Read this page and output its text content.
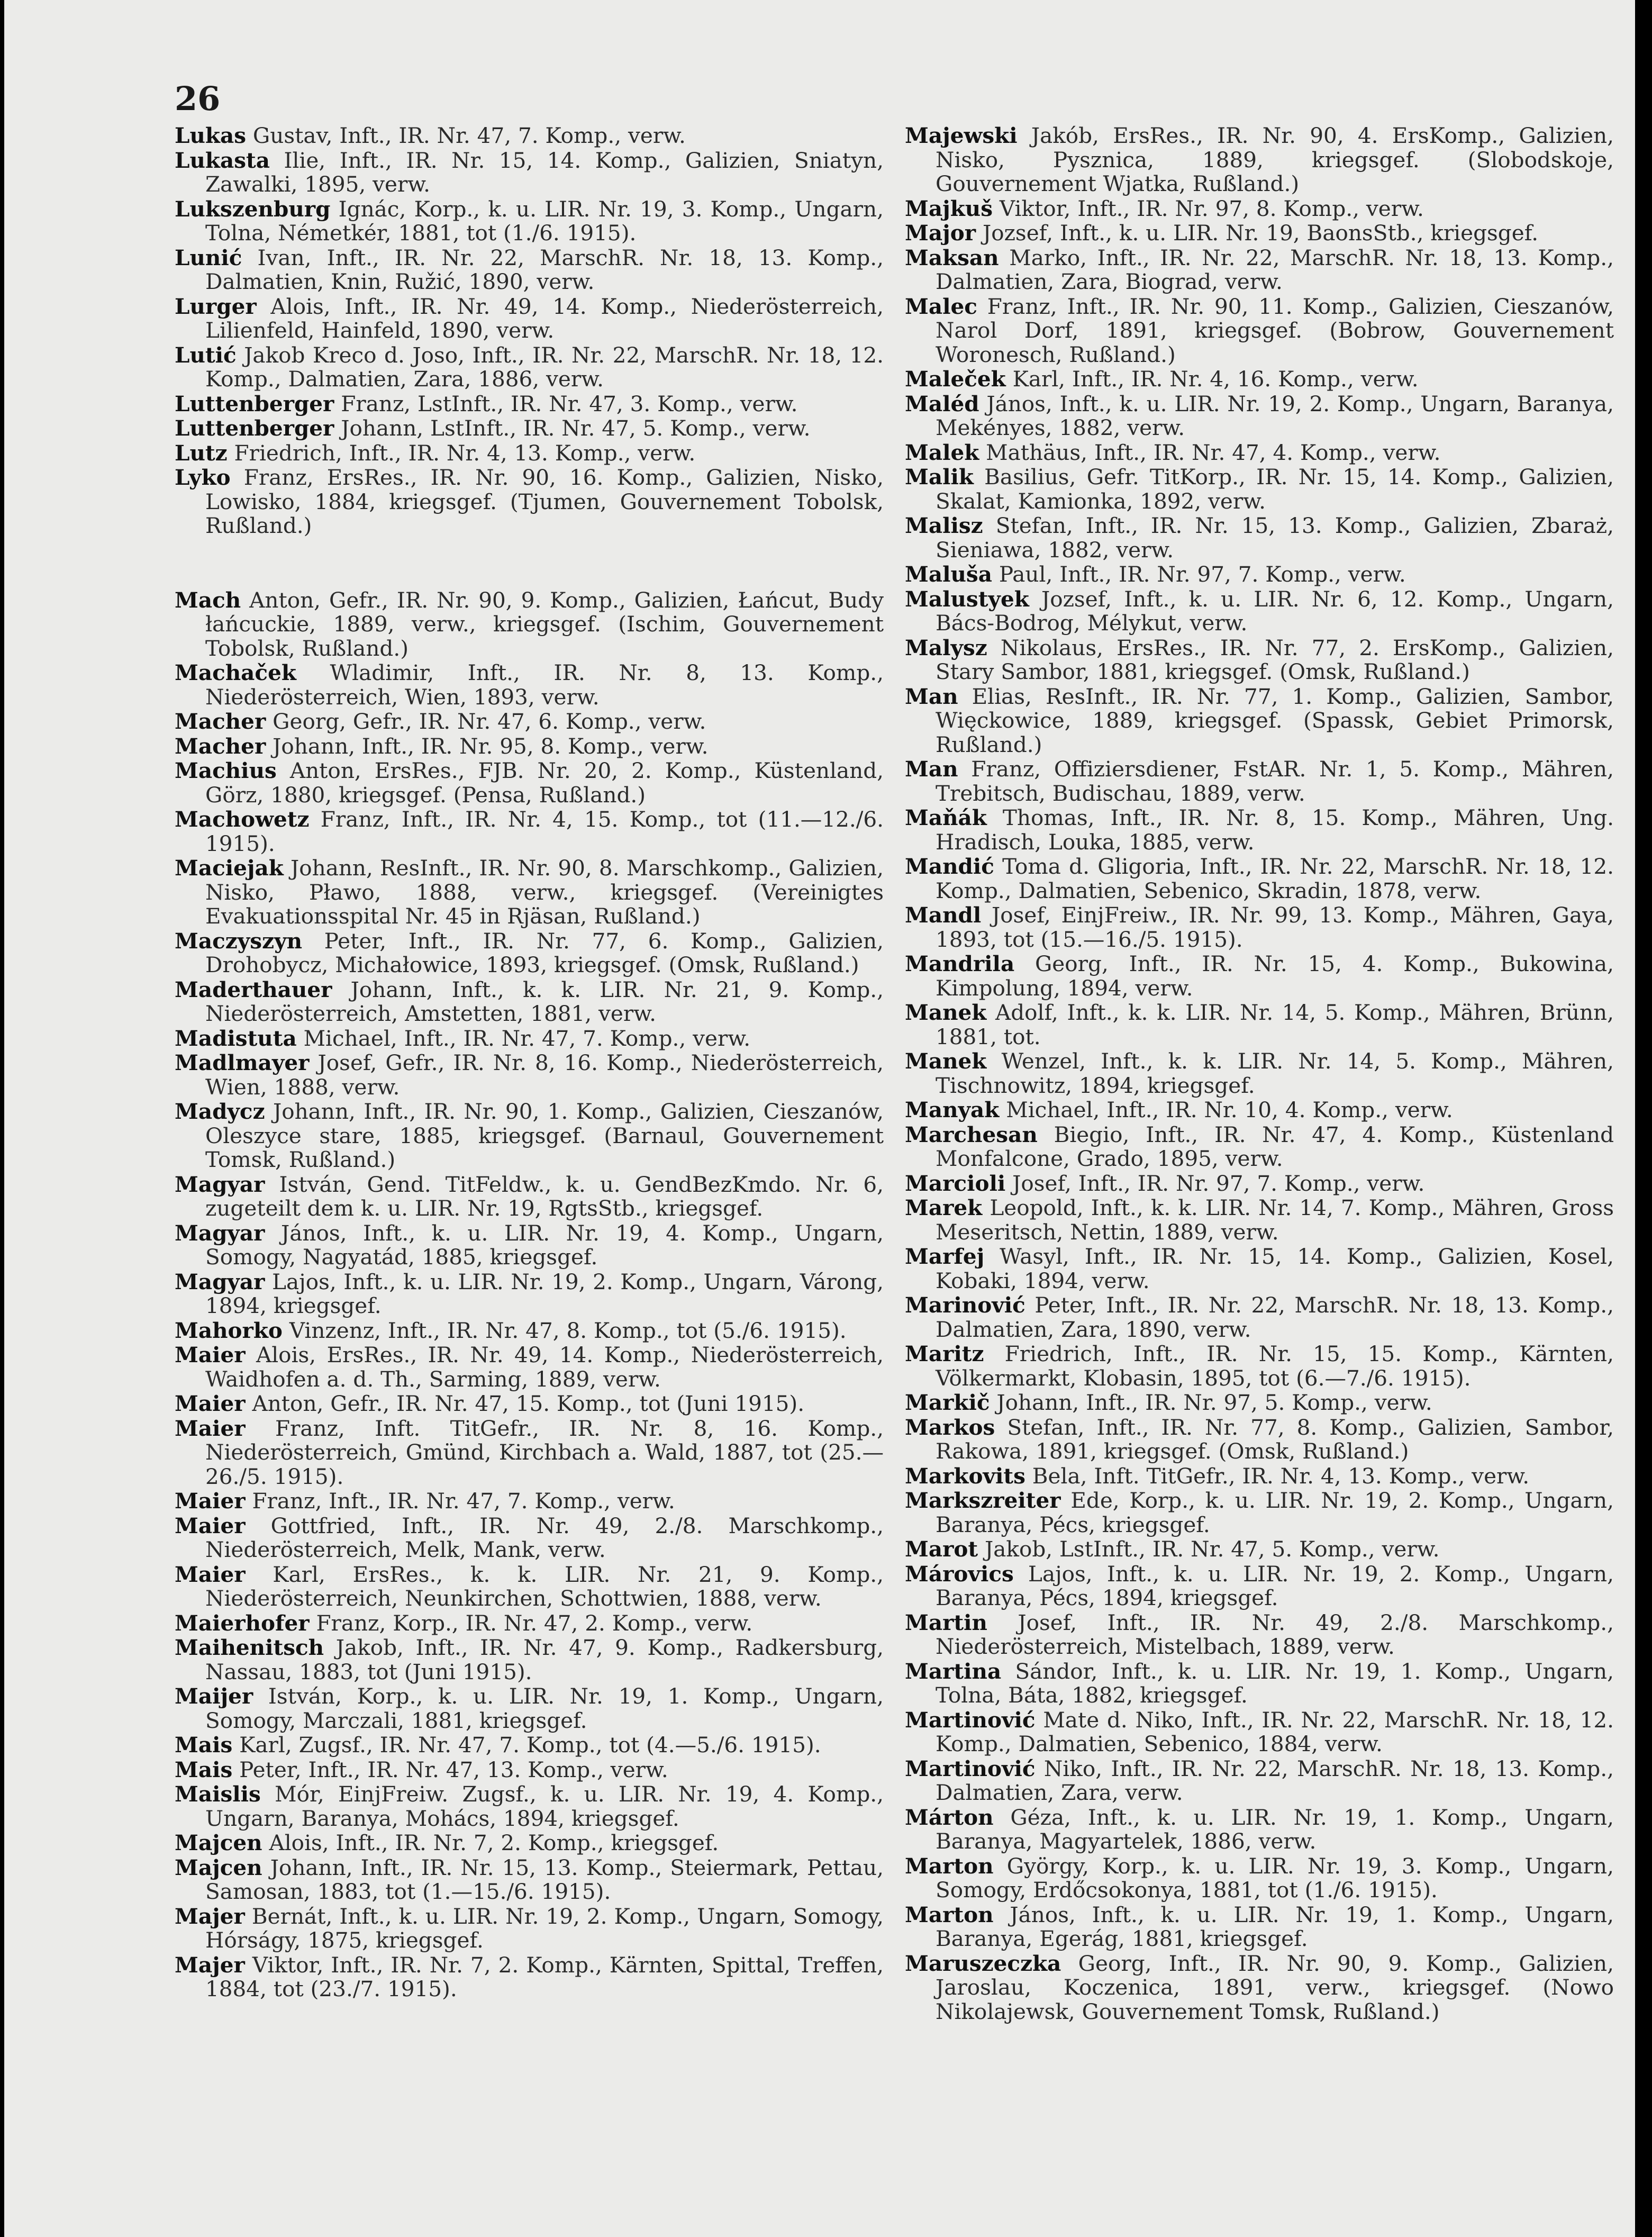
26

Lukas Gustav, Inft., IR. Nr. 47, 7. Komp., verw.

Lukasta Ilie, Inft., IR. Nr. 15, 14. Komp., Galizien, Sniatyn, Zawalki, 1895, verw.

Lukszenburg Ignác, Korp., k. u. LIR. Nr. 19, 3. Komp., Ungarn, Tolna, Németkér, 1881, tot (1./6. 1915).

Lunić Ivan, Inft., IR. Nr. 22, MarschR. Nr. 18, 13. Komp., Dalmatien, Knin, Ružić, 1890, verw.

Lurger Alois, Inft., IR. Nr. 49, 14. Komp., Niederösterreich, Lilienfeld, Hainfeld, 1890, verw.

Lutić Jakob Kreco d. Joso, Inft., IR. Nr. 22, MarschR. Nr. 18, 12. Komp., Dalmatien, Zara, 1886, verw.

Luttenberger Franz, LstInft., IR. Nr. 47, 3. Komp., verw.

Luttenberger Johann, LstInft., IR. Nr. 47, 5. Komp., verw.

Lutz Friedrich, Inft., IR. Nr. 4, 13. Komp., verw.

Lyko Franz, ErsRes., IR. Nr. 90, 16. Komp., Galizien, Nisko, Lowisko, 1884, kriegsgef. (Tjumen, Gouvernement Tobolsk, Rußland.)

Mach Anton, Gefr., IR. Nr. 90, 9. Komp., Galizien, Łańcut, Budy łańcuckie, 1889, verw., kriegsgef. (Ischim, Gouvernement Tobolsk, Rußland.)

Machaček Wladimir, Inft., IR. Nr. 8, 13. Komp., Niederösterreich, Wien, 1893, verw.

Macher Georg, Gefr., IR. Nr. 47, 6. Komp., verw.

Macher Johann, Inft., IR. Nr. 95, 8. Komp., verw.

Machius Anton, ErsRes., FJB. Nr. 20, 2. Komp., Küstenland, Görz, 1880, kriegsgef. (Pensa, Rußland.)

Machowetz Franz, Inft., IR. Nr. 4, 15. Komp., tot (11.—12./6. 1915).

Maciejak Johann, ResInft., IR. Nr. 90, 8. Marschkomp., Galizien, Nisko, Pławo, 1888, verw., kriegsgef. (Vereinigtes Evakuationsspital Nr. 45 in Rjäsan, Rußland.)

Maczyszyn Peter, Inft., IR. Nr. 77, 6. Komp., Galizien, Drohobycz, Michałowice, 1893, kriegsgef. (Omsk, Rußland.)

Maderthauer Johann, Inft., k. k. LIR. Nr. 21, 9. Komp., Niederösterreich, Amstetten, 1881, verw.

Madistuta Michael, Inft., IR. Nr. 47, 7. Komp., verw.

Madlmayer Josef, Gefr., IR. Nr. 8, 16. Komp., Niederösterreich, Wien, 1888, verw.

Madycz Johann, Inft., IR. Nr. 90, 1. Komp., Galizien, Cieszanów, Oleszyce stare, 1885, kriegsgef. (Barnaul, Gouvernement Tomsk, Rußland.)

Magyar István, Gend. TitFeldw., k. u. GendBezKmdo. Nr. 6, zugeteilt dem k. u. LIR. Nr. 19, RgtsStb., kriegsgef.

Magyar János, Inft., k. u. LIR. Nr. 19, 4. Komp., Ungarn, Somogy, Nagyatád, 1885, kriegsgef.

Magyar Lajos, Inft., k. u. LIR. Nr. 19, 2. Komp., Ungarn, Várong, 1894, kriegsgef.

Mahorko Vinzenz, Inft., IR. Nr. 47, 8. Komp., tot (5./6. 1915).

Maier Alois, ErsRes., IR. Nr. 49, 14. Komp., Niederösterreich, Waidhofen a. d. Th., Sarming, 1889, verw.

Maier Anton, Gefr., IR. Nr. 47, 15. Komp., tot (Juni 1915).

Maier Franz, Inft. TitGefr., IR. Nr. 8, 16. Komp., Niederösterreich, Gmünd, Kirchbach a. Wald, 1887, tot (25.—26./5. 1915).

Maier Franz, Inft., IR. Nr. 47, 7. Komp., verw.

Maier Gottfried, Inft., IR. Nr. 49, 2./8. Marschkomp., Niederösterreich, Melk, Mank, verw.

Maier Karl, ErsRes., k. k. LIR. Nr. 21, 9. Komp., Niederösterreich, Neunkirchen, Schottwien, 1888, verw.

Maierhofer Franz, Korp., IR. Nr. 47, 2. Komp., verw.

Maihenitsch Jakob, Inft., IR. Nr. 47, 9. Komp., Radkersburg, Nassau, 1883, tot (Juni 1915).

Maijer István, Korp., k. u. LIR. Nr. 19, 1. Komp., Ungarn, Somogy, Marczali, 1881, kriegsgef.

Mais Karl, Zugsf., IR. Nr. 47, 7. Komp., tot (4.—5./6. 1915).

Mais Peter, Inft., IR. Nr. 47, 13. Komp., verw.

Maislis Mór, EinjFreiw. Zugsf., k. u. LIR. Nr. 19, 4. Komp., Ungarn, Baranya, Mohács, 1894, kriegsgef.

Majcen Alois, Inft., IR. Nr. 7, 2. Komp., kriegsgef.

Majcen Johann, Inft., IR. Nr. 15, 13. Komp., Steiermark, Pettau, Samosan, 1883, tot (1.—15./6. 1915).

Majer Bernát, Inft., k. u. LIR. Nr. 19, 2. Komp., Ungarn, Somogy, Hórságy, 1875, kriegsgef.

Majer Viktor, Inft., IR. Nr. 7, 2. Komp., Kärnten, Spittal, Treffen, 1884, tot (23./7. 1915).

Majewski Jakób, ErsRes., IR. Nr. 90, 4. ErsKomp., Galizien, Nisko, Pysznica, 1889, kriegsgef. (Slobodskoje, Gouvernement Wjatka, Rußland.)

Majkuš Viktor, Inft., IR. Nr. 97, 8. Komp., verw.

Major Jozsef, Inft., k. u. LIR. Nr. 19, BaonsStb., kriegsgef.

Maksan Marko, Inft., IR. Nr. 22, MarschR. Nr. 18, 13. Komp., Dalmatien, Zara, Biograd, verw.

Malec Franz, Inft., IR. Nr. 90, 11. Komp., Galizien, Cieszanów, Narol Dorf, 1891, kriegsgef. (Bobrow, Gouvernement Woronesch, Rußland.)

Maleček Karl, Inft., IR. Nr. 4, 16. Komp., verw.

Maléd János, Inft., k. u. LIR. Nr. 19, 2. Komp., Ungarn, Baranya, Mekényes, 1882, verw.

Malek Mathäus, Inft., IR. Nr. 47, 4. Komp., verw.

Malik Basilius, Gefr. TitKorp., IR. Nr. 15, 14. Komp., Galizien, Skalat, Kamionka, 1892, verw.

Malisz Stefan, Inft., IR. Nr. 15, 13. Komp., Galizien, Zbaraż, Sieniawa, 1882, verw.

Maluša Paul, Inft., IR. Nr. 97, 7. Komp., verw.

Malustyek Jozsef, Inft., k. u. LIR. Nr. 6, 12. Komp., Ungarn, Bács-Bodrog, Mélykut, verw.

Malysz Nikolaus, ErsRes., IR. Nr. 77, 2. ErsKomp., Galizien, Stary Sambor, 1881, kriegsgef. (Omsk, Rußland.)

Man Elias, ResInft., IR. Nr. 77, 1. Komp., Galizien, Sambor, Więckowice, 1889, kriegsgef. (Spassk, Gebiet Primorsk, Rußland.)

Man Franz, Offiziersdiener, FstAR. Nr. 1, 5. Komp., Mähren, Trebitsch, Budischau, 1889, verw.

Maňák Thomas, Inft., IR. Nr. 8, 15. Komp., Mähren, Ung. Hradisch, Louka, 1885, verw.

Mandić Toma d. Gligoria, Inft., IR. Nr. 22, MarschR. Nr. 18, 12. Komp., Dalmatien, Sebenico, Skradin, 1878, verw.

Mandl Josef, EinjFreiw., IR. Nr. 99, 13. Komp., Mähren, Gaya, 1893, tot (15.—16./5. 1915).

Mandrila Georg, Inft., IR. Nr. 15, 4. Komp., Bukowina, Kimpolung, 1894, verw.

Manek Adolf, Inft., k. k. LIR. Nr. 14, 5. Komp., Mähren, Brünn, 1881, tot.

Manek Wenzel, Inft., k. k. LIR. Nr. 14, 5. Komp., Mähren, Tischnowitz, 1894, kriegsgef.

Manyak Michael, Inft., IR. Nr. 10, 4. Komp., verw.

Marchesan Biegio, Inft., IR. Nr. 47, 4. Komp., Küstenland Monfalcone, Grado, 1895, verw.

Marcioli Josef, Inft., IR. Nr. 97, 7. Komp., verw.

Marek Leopold, Inft., k. k. LIR. Nr. 14, 7. Komp., Mähren, Gross Meseritsch, Nettin, 1889, verw.

Marfej Wasyl, Inft., IR. Nr. 15, 14. Komp., Galizien, Kosel, Kobaki, 1894, verw.

Marinović Peter, Inft., IR. Nr. 22, MarschR. Nr. 18, 13. Komp., Dalmatien, Zara, 1890, verw.

Maritz Friedrich, Inft., IR. Nr. 15, 15. Komp., Kärnten, Völkermarkt, Klobasin, 1895, tot (6.—7./6. 1915).

Markič Johann, Inft., IR. Nr. 97, 5. Komp., verw.

Markos Stefan, Inft., IR. Nr. 77, 8. Komp., Galizien, Sambor, Rakowa, 1891, kriegsgef. (Omsk, Rußland.)

Markovits Bela, Inft. TitGefr., IR. Nr. 4, 13. Komp., verw.

Markszreiter Ede, Korp., k. u. LIR. Nr. 19, 2. Komp., Ungarn, Baranya, Pécs, kriegsgef.

Marot Jakob, LstInft., IR. Nr. 47, 5. Komp., verw.

Márovics Lajos, Inft., k. u. LIR. Nr. 19, 2. Komp., Ungarn, Baranya, Pécs, 1894, kriegsgef.

Martin Josef, Inft., IR. Nr. 49, 2./8. Marschkomp., Niederösterreich, Mistelbach, 1889, verw.

Martina Sándor, Inft., k. u. LIR. Nr. 19, 1. Komp., Ungarn, Tolna, Báta, 1882, kriegsgef.

Martinović Mate d. Niko, Inft., IR. Nr. 22, MarschR. Nr. 18, 12. Komp., Dalmatien, Sebenico, 1884, verw.

Martinović Niko, Inft., IR. Nr. 22, MarschR. Nr. 18, 13. Komp., Dalmatien, Zara, verw.

Márton Géza, Inft., k. u. LIR. Nr. 19, 1. Komp., Ungarn, Baranya, Magyartelek, 1886, verw.

Marton György, Korp., k. u. LIR. Nr. 19, 3. Komp., Ungarn, Somogy, Erdőcsokonya, 1881, tot (1./6. 1915).

Marton János, Inft., k. u. LIR. Nr. 19, 1. Komp., Ungarn, Baranya, Egerág, 1881, kriegsgef.

Maruszeczka Georg, Inft., IR. Nr. 90, 9. Komp., Galizien, Jaroslau, Koczenica, 1891, verw., kriegsgef. (Nowo Nikolajewsk, Gouvernement Tomsk, Rußland.)
